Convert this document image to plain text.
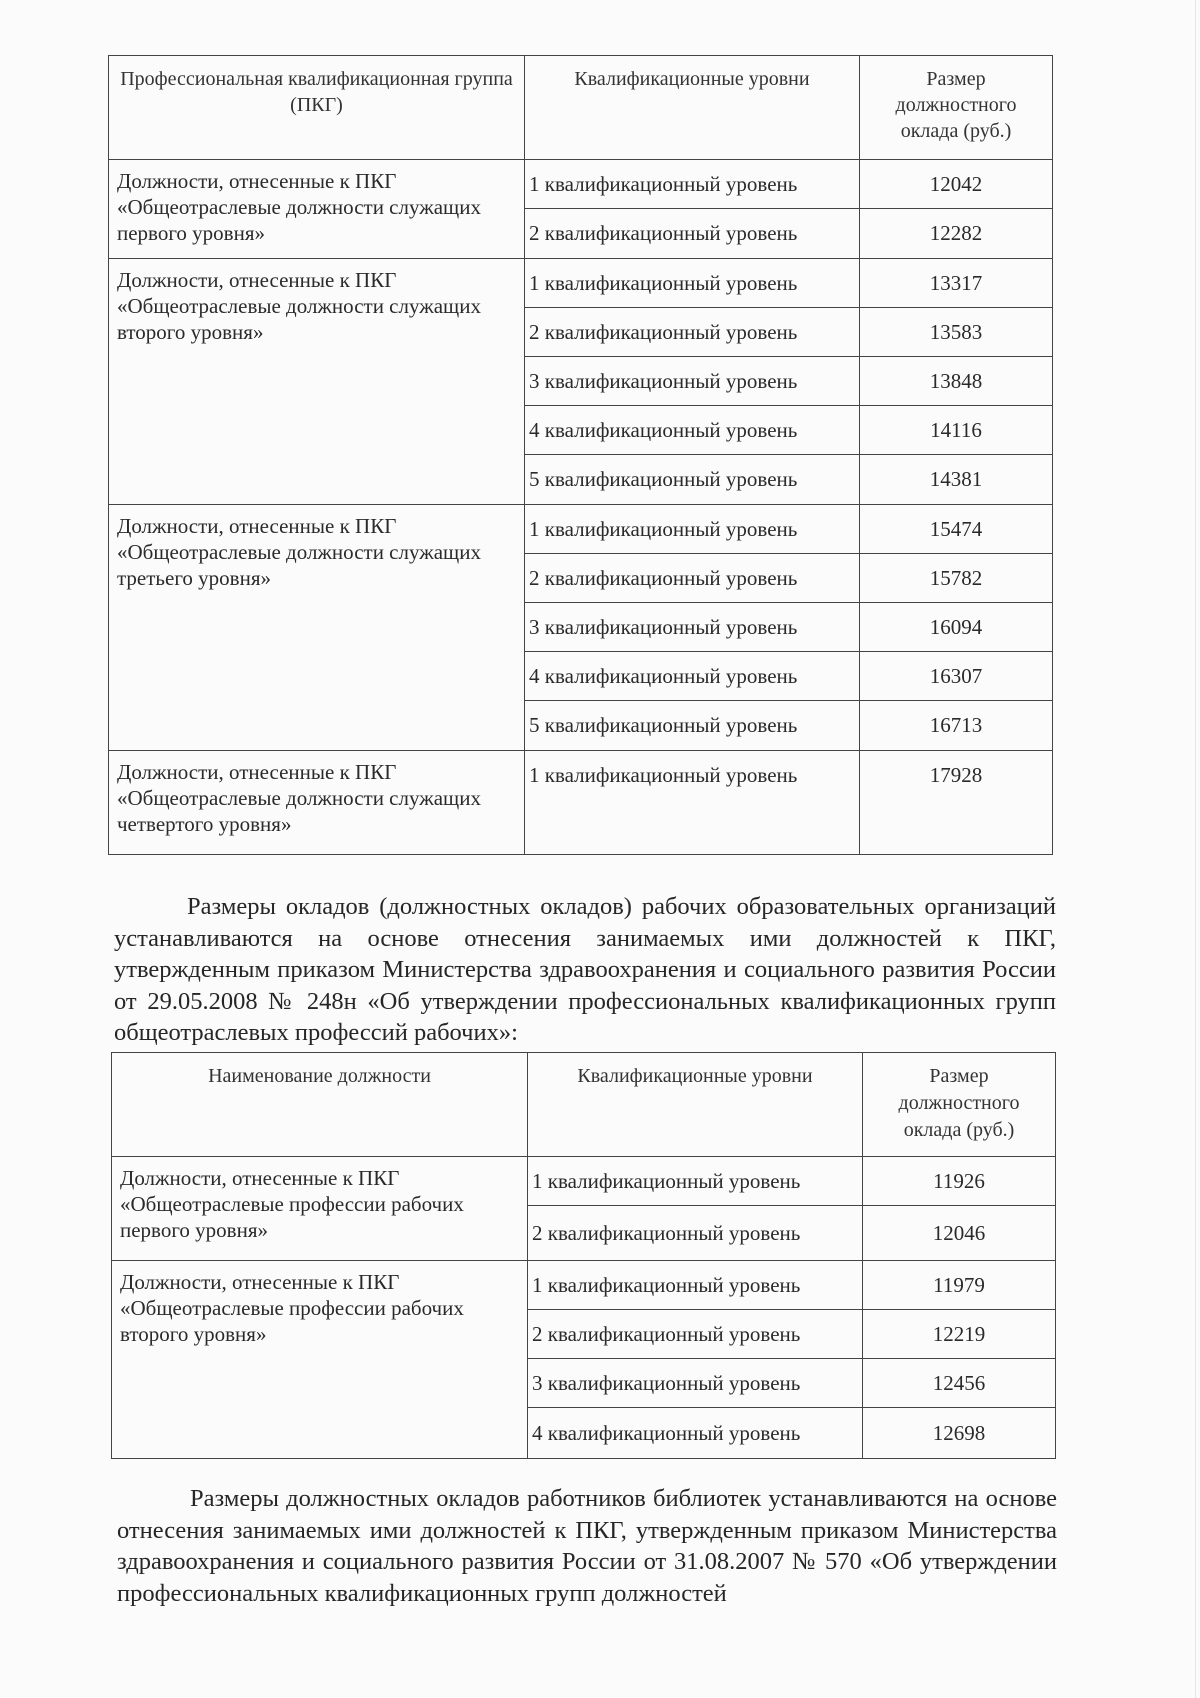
Профессиональная квалификационная группа (ПКГ)	Квалификационные уровни	Размер должностного оклада (руб.)
Должности, отнесенные к ПКГ «Общеотраслевые должности служащих первого уровня»	1 квалификационный уровень	12042
	2 квалификационный уровень	12282
Должности, отнесенные к ПКГ «Общеотраслевые должности служащих второго уровня»	1 квалификационный уровень	13317
	2 квалификационный уровень	13583
	3 квалификационный уровень	13848
	4 квалификационный уровень	14116
	5 квалификационный уровень	14381
Должности, отнесенные к ПКГ «Общеотраслевые должности служащих третьего уровня»	1 квалификационный уровень	15474
	2 квалификационный уровень	15782
	3 квалификационный уровень	16094
	4 квалификационный уровень	16307
	5 квалификационный уровень	16713
Должности, отнесенные к ПКГ «Общеотраслевые должности служащих четвертого уровня»	1 квалификационный уровень	17928

Размеры окладов (должностных окладов) рабочих образовательных организаций устанавливаются на основе отнесения занимаемых ими должностей к ПКГ, утвержденным приказом Министерства здравоохранения и социального развития России от 29.05.2008 № 248н «Об утверждении профессиональных квалификационных групп общеотраслевых профессий рабочих»:

Наименование должности	Квалификационные уровни	Размер должностного оклада (руб.)
Должности, отнесенные к ПКГ «Общеотраслевые профессии рабочих первого уровня»	1 квалификационный уровень	11926
	2 квалификационный уровень	12046
Должности, отнесенные к ПКГ «Общеотраслевые профессии рабочих второго уровня»	1 квалификационный уровень	11979
	2 квалификационный уровень	12219
	3 квалификационный уровень	12456
	4 квалификационный уровень	12698

Размеры должностных окладов работников библиотек устанавливаются на основе отнесения занимаемых ими должностей к ПКГ, утвержденным приказом Министерства здравоохранения и социального развития России от 31.08.2007 № 570 «Об утверждении профессиональных квалификационных групп должностей
